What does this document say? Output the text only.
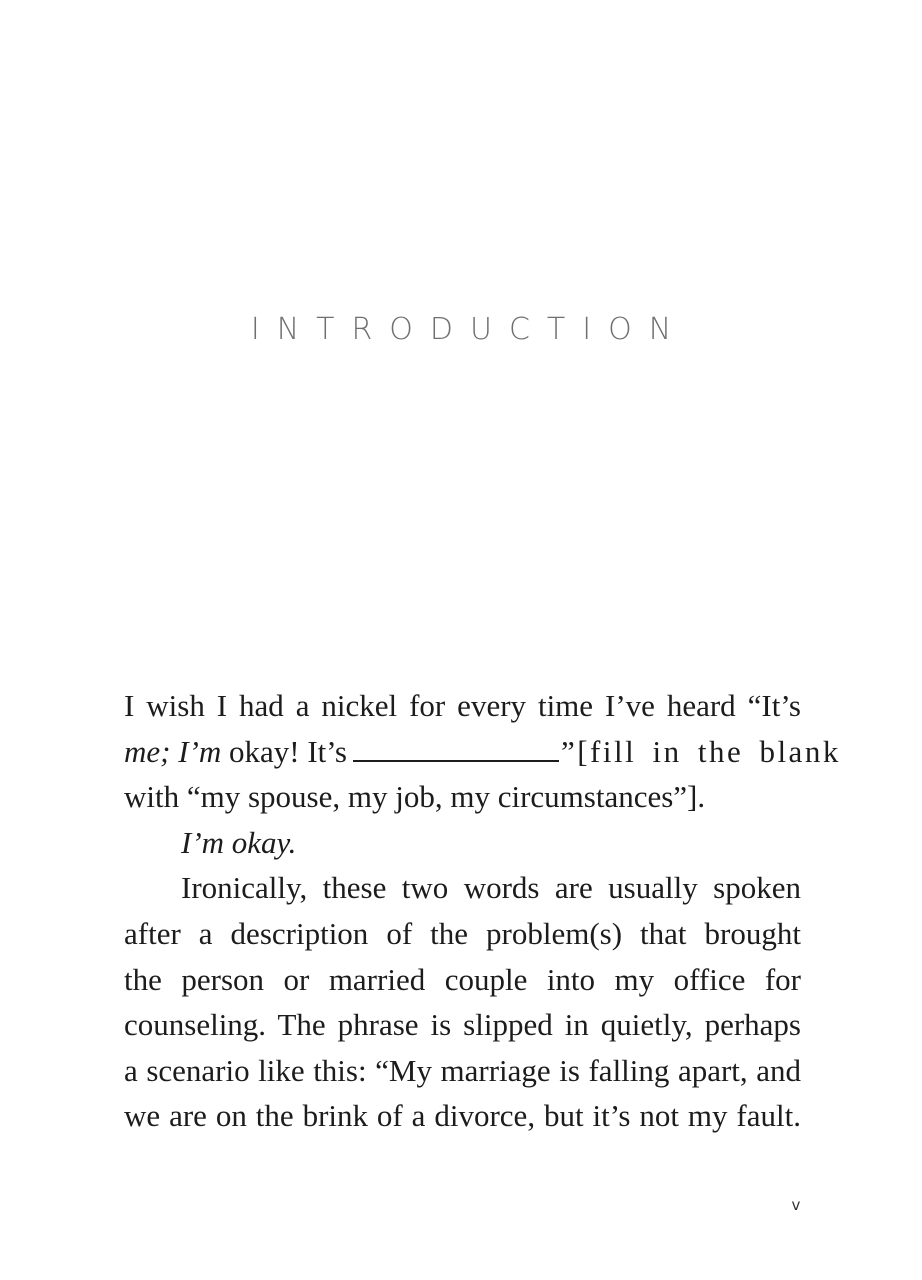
INTRODUCTION
I wish I had a nickel for every time I’ve heard “It’s
me; I’m okay! It’s	”[fill in the blank
with “my spouse, my job, my circumstances”].
I’m okay.
Ironically, these two words are usually spoken
after a description of the problem(s) that brought
the person or married couple into my office for
counseling. The phrase is slipped in quietly, perhaps
a scenario like this: “My marriage is falling apart, and
we are on the brink of a divorce, but it’s not my fault.
v
